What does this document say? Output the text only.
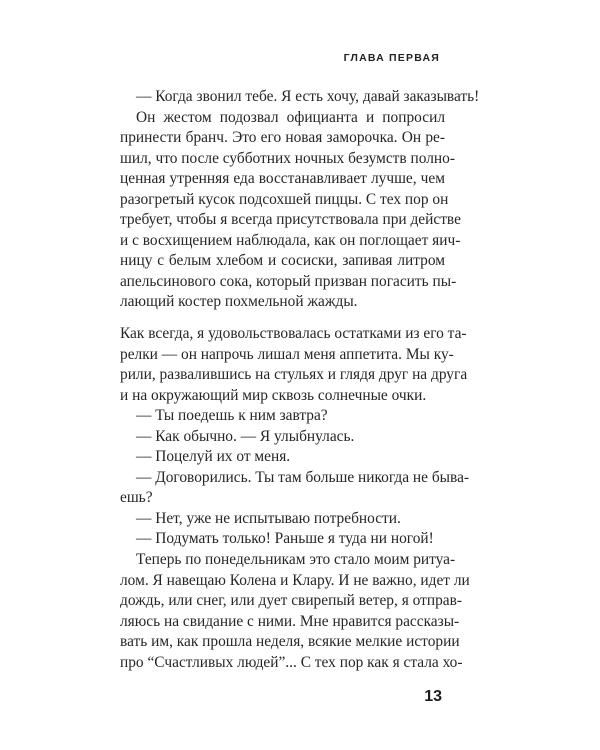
ГЛАВА ПЕРВАЯ
— Когда звонил тебе. Я есть хочу, давай заказывать!
Он жестом подозвал официанта и попросил
принести бранч. Это его новая заморочка. Он ре-
шил, что после субботних ночных безумств полно-
ценная утренняя еда восстанавливает лучше, чем
разогретый кусок подсохшей пиццы. С тех пор он
требует, чтобы я всегда присутствовала при действе
и с восхищением наблюдала, как он поглощает яич-
ницу с белым хлебом и сосиски, запивая литром
апельсинового сока, который призван погасить пы-
лающий костер похмельной жажды.
Как всегда, я удовольствовалась остатками из его та-
релки — он напрочь лишал меня аппетита. Мы ку-
рили, развалившись на стульях и глядя друг на друга
и на окружающий мир сквозь солнечные очки.
— Ты поедешь к ним завтра?
— Как обычно. — Я улыбнулась.
— Поцелуй их от меня.
— Договорились. Ты там больше никогда не быва-
ешь?
— Нет, уже не испытываю потребности.
— Подумать только! Раньше я туда ни ногой!
Теперь по понедельникам это стало моим ритуа-
лом. Я навещаю Колена и Клару. И не важно, идет ли
дождь, или снег, или дует свирепый ветер, я отправ-
ляюсь на свидание с ними. Мне нравится рассказы-
вать им, как прошла неделя, всякие мелкие истории
про “Счастливых людей”... С тех пор как я стала хо-
13
